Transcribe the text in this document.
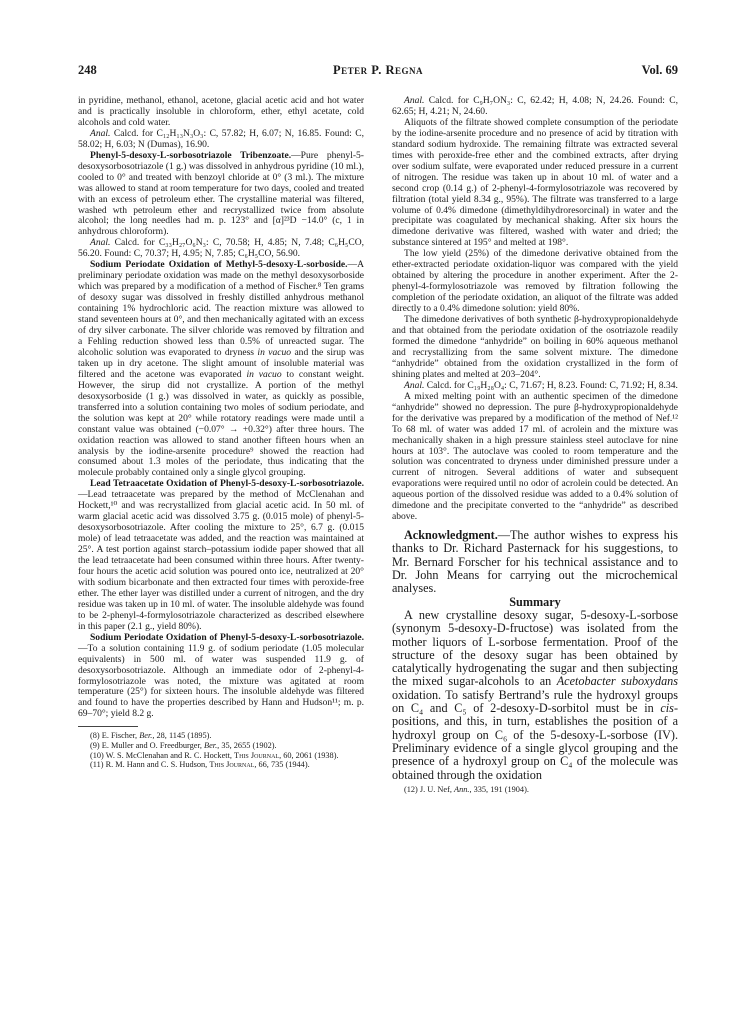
248	Peter P. Regna	Vol. 69

in pyridine, methanol, ethanol, acetone, glacial acetic acid and hot water and is practically insoluble in chloroform, ether, ethyl acetate, cold alcohols and cold water.

Anal. Calcd. for C₁₂H₁₃N₃O₃: C, 57.82; H, 6.07; N, 16.85. Found: C, 58.02; H, 6.03; N (Dumas), 16.90.

Phenyl-5-desoxy-L-sorbosotriazole Tribenzoate.—Pure phenyl-5-desoxysorbosotriazole (1 g.) was dissolved in anhydrous pyridine (10 ml.), cooled to 0° and treated with benzoyl chloride at 0° (3 ml.). The mixture was allowed to stand at room temperature for two days, cooled and treated with an excess of petroleum ether. The crystalline material was filtered, washed wth petroleum ether and recrystallized twice from absolute alcohol; the long needles had m. p. 123° and [α]²³D −14.0° (c, 1 in anhydrous chloroform).

Anal. Calcd. for C₃₃H₂₇O₆N₃: C, 70.58; H, 4.85; N, 7.48; C₆H₅CO, 56.20. Found: C, 70.37; H, 4.95; N, 7.85; C₆H₅CO, 56.90.

Sodium Periodate Oxidation of Methyl-5-desoxy-L-sorboside.—A preliminary periodate oxidation was made on the methyl desoxysorboside which was prepared by a modification of a method of Fischer.⁸ Ten grams of desoxy sugar was dissolved in freshly distilled anhydrous methanol containing 1% hydrochloric acid. The reaction mixture was allowed to stand seventeen hours at 0°, and then mechanically agitated with an excess of dry silver carbonate. The silver chloride was removed by filtration and a Fehling reduction showed less than 0.5% of unreacted sugar. The alcoholic solution was evaporated to dryness in vacuo and the sirup was taken up in dry acetone. The slight amount of insoluble material was filtered and the acetone was evaporated in vacuo to constant weight. However, the sirup did not crystallize. A portion of the methyl desoxysorboside (1 g.) was dissolved in water, as quickly as possible, transferred into a solution containing two moles of sodium periodate, and the solution was kept at 20° while rotatory readings were made until a constant value was obtained (−0.07° → +0.32°) after three hours. The oxidation reaction was allowed to stand another fifteen hours when an analysis by the iodine-arsenite procedure⁹ showed the reaction had consumed about 1.3 moles of the periodate, thus indicating that the molecule probably contained only a single glycol grouping.

Lead Tetraacetate Oxidation of Phenyl-5-desoxy-L-sorbosotriazole.—Lead tetraacetate was prepared by the method of McClenahan and Hockett,¹⁰ and was recrystallized from glacial acetic acid. In 50 ml. of warm glacial acetic acid was dissolved 3.75 g. (0.015 mole) of phenyl-5-desoxysorbosotriazole. After cooling the mixture to 25°, 6.7 g. (0.015 mole) of lead tetraacetate was added, and the reaction was maintained at 25°. A test portion against starch–potassium iodide paper showed that all the lead tetraacetate had been consumed within three hours. After twenty-four hours the acetic acid solution was poured onto ice, neutralized at 20° with sodium bicarbonate and then extracted four times with peroxide-free ether. The ether layer was distilled under a current of nitrogen, and the dry residue was taken up in 10 ml. of water. The insoluble aldehyde was found to be 2-phenyl-4-formylosotriazole characterized as described elsewhere in this paper (2.1 g., yield 80%).

Sodium Periodate Oxidation of Phenyl-5-desoxy-L-sorbosotriazole.—To a solution containing 11.9 g. of sodium periodate (1.05 molecular equivalents) in 500 ml. of water was suspended 11.9 g. of desoxysorbosotriazole. Although an immediate odor of 2-phenyl-4-formylosotriazole was noted, the mixture was agitated at room temperature (25°) for sixteen hours. The insoluble aldehyde was filtered and found to have the properties described by Hann and Hudson¹¹; m. p. 69–70°; yield 8.2 g.

(8) E. Fischer, Ber., 28, 1145 (1895).

(9) E. Muller and O. Freedburger, Ber., 35, 2655 (1902).

(10) W. S. McClenahan and R. C. Hockett, This Journal, 60, 2061 (1938).

(11) R. M. Hann and C. S. Hudson, This Journal, 66, 735 (1944).

Anal. Calcd. for C₉H₇ON₃: C, 62.42; H, 4.08; N, 24.26. Found: C, 62.65; H, 4.21; N, 24.60.

Aliquots of the filtrate showed complete consumption of the periodate by the iodine-arsenite procedure and no presence of acid by titration with standard sodium hydroxide. The remaining filtrate was extracted several times with peroxide-free ether and the combined extracts, after drying over sodium sulfate, were evaporated under reduced pressure in a current of nitrogen. The residue was taken up in about 10 ml. of water and a second crop (0.14 g.) of 2-phenyl-4-formylosotriazole was recovered by filtration (total yield 8.34 g., 95%). The filtrate was transferred to a large volume of 0.4% dimedone (dimethyldihydroresorcinal) in water and the precipitate was coagulated by mechanical shaking. After six hours the dimedone derivative was filtered, washed with water and dried; the substance sintered at 195° and melted at 198°.

The low yield (25%) of the dimedone derivative obtained from the ether-extracted periodate oxidation-liquor was compared with the yield obtained by altering the procedure in another experiment. After the 2-phenyl-4-formylosotriazole was removed by filtration following the completion of the periodate oxidation, an aliquot of the filtrate was added directly to a 0.4% dimedone solution: yield 80%.

The dimedone derivatives of both synthetic β-hydroxypropionaldehyde and that obtained from the periodate oxidation of the osotriazole readily formed the dimedone “anhydride” on boiling in 60% aqueous methanol and recrystallizing from the same solvent mixture. The dimedone “anhydride” obtained from the oxidation crystallized in the form of shining plates and melted at 203–204°.

Anal. Calcd. for C₁₉H₂₈O₄: C, 71.67; H, 8.23. Found: C, 71.92; H, 8.34.

A mixed melting point with an authentic specimen of the dimedone “anhydride” showed no depression. The pure β-hydroxypropionaldehyde for the derivative was prepared by a modification of the method of Nef.¹² To 68 ml. of water was added 17 ml. of acrolein and the mixture was mechanically shaken in a high pressure stainless steel autoclave for nine hours at 103°. The autoclave was cooled to room temperature and the solution was concentrated to dryness under diminished pressure under a current of nitrogen. Several additions of water and subsequent evaporations were required until no odor of acrolein could be detected. An aqueous portion of the dissolved residue was added to a 0.4% solution of dimedone and the precipitate converted to the “anhydride” as described above.

Acknowledgment.—The author wishes to express his thanks to Dr. Richard Pasternack for his suggestions, to Mr. Bernard Forscher for his technical assistance and to Dr. John Means for carrying out the microchemical analyses.

Summary

A new crystalline desoxy sugar, 5-desoxy-L-sorbose (synonym 5-desoxy-D-fructose) was isolated from the mother liquors of L-sorbose fermentation. Proof of the structure of the desoxy sugar has been obtained by catalytically hydrogenating the sugar and then subjecting the mixed sugar-alcohols to an Acetobacter suboxydans oxidation. To satisfy Bertrand’s rule the hydroxyl groups on C₄ and C₅ of 2-desoxy-D-sorbitol must be in cis-positions, and this, in turn, establishes the position of a hydroxyl group on C₆ of the 5-desoxy-L-sorbose (IV). Preliminary evidence of a single glycol grouping and the presence of a hydroxyl group on C₄ of the molecule was obtained through the oxidation

(12) J. U. Nef, Ann., 335, 191 (1904).
